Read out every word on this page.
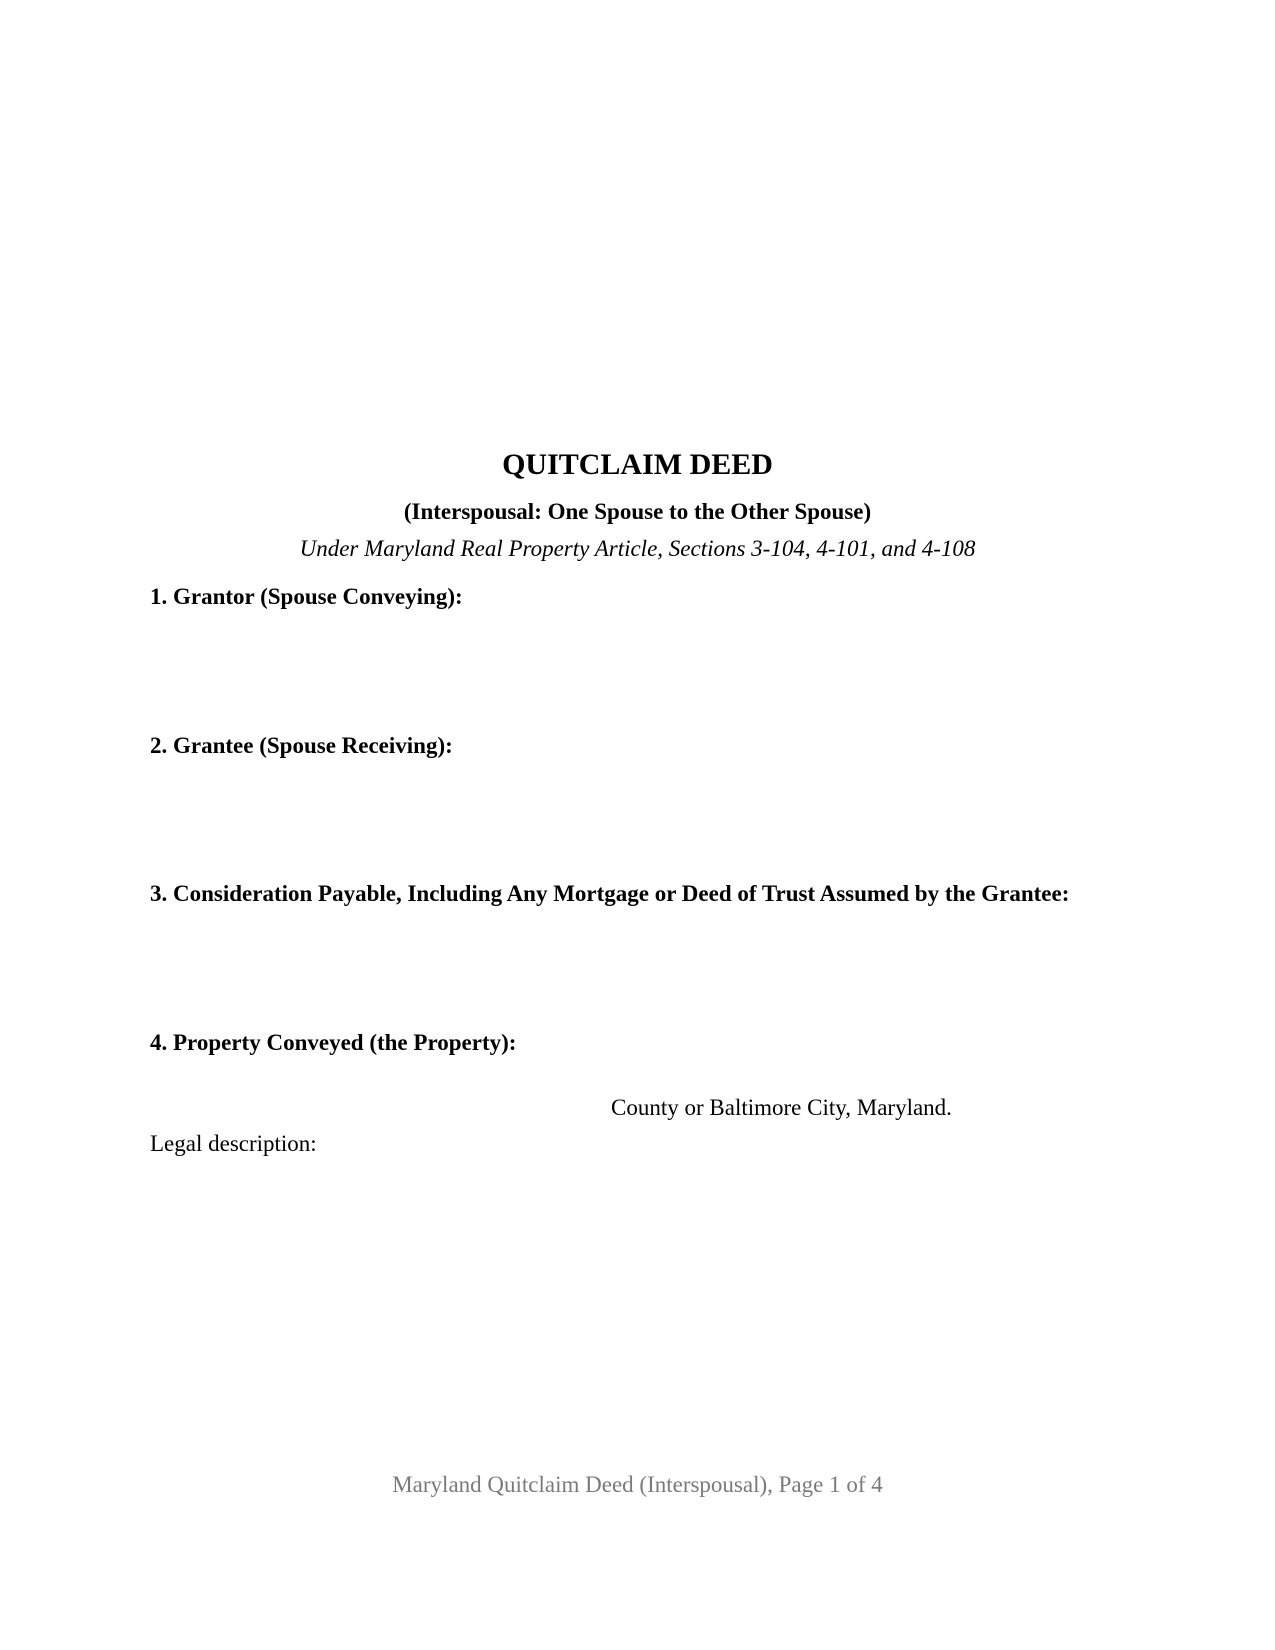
QUITCLAIM DEED
(Interspousal: One Spouse to the Other Spouse)
Under Maryland Real Property Article, Sections 3-104, 4-101, and 4-108
1. Grantor (Spouse Conveying):
2. Grantee (Spouse Receiving):
3. Consideration Payable, Including Any Mortgage or Deed of Trust Assumed by the Grantee:
4. Property Conveyed (the Property):
County or Baltimore City, Maryland.
Legal description:
Maryland Quitclaim Deed (Interspousal), Page 1 of 4
